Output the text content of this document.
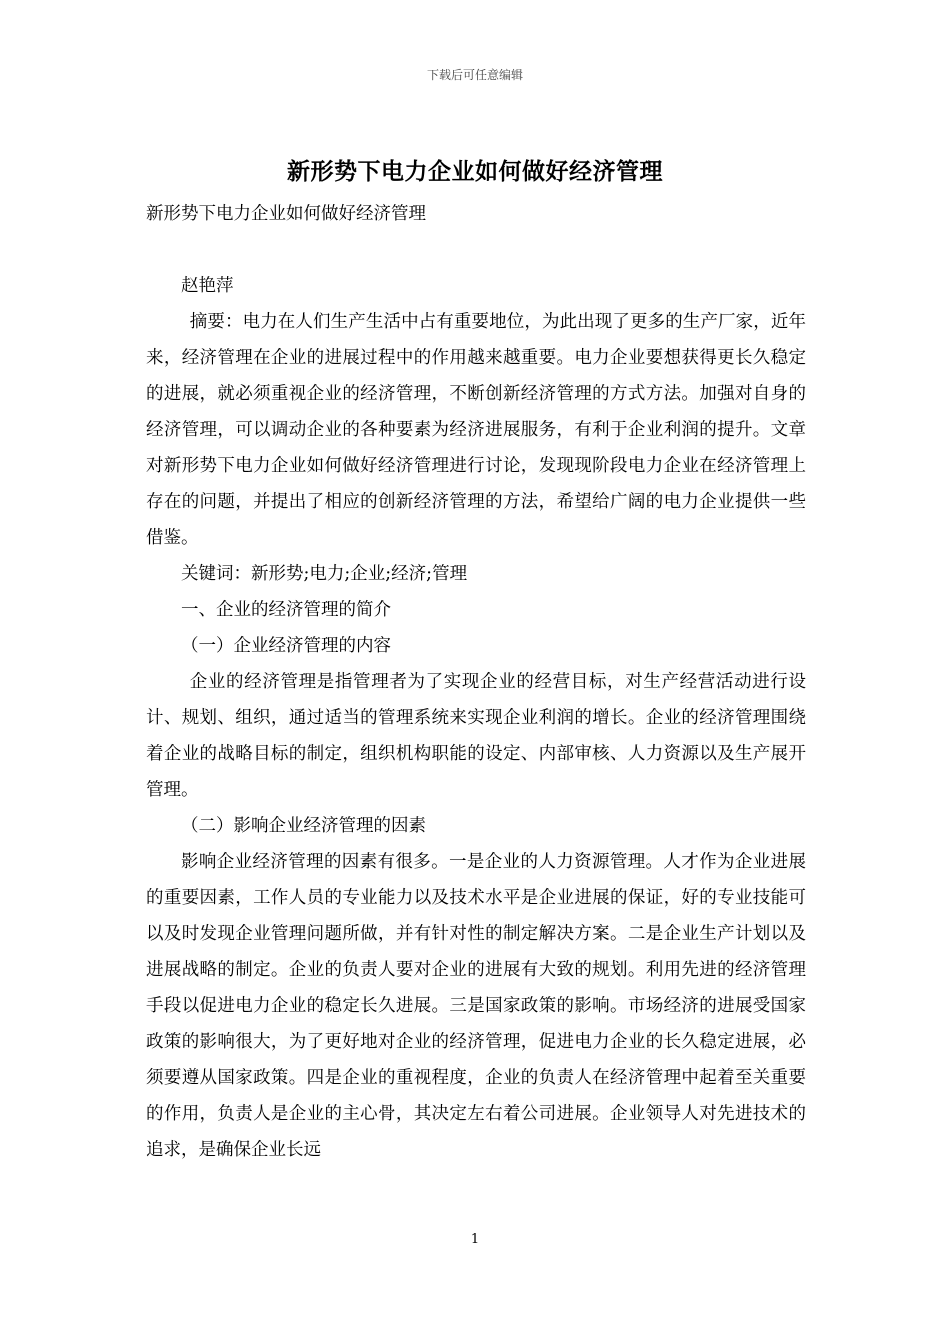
下载后可任意编辑
新形势下电力企业如何做好经济管理

新形势下电力企业如何做好经济管理

赵艳萍

摘要：电力在人们生产生活中占有重要地位，为此出现了更多的生产厂家，近年来，经济管理在企业的进展过程中的作用越来越重要。电力企业要想获得更长久稳定的进展，就必须重视企业的经济管理，不断创新经济管理的方式方法。加强对自身的经济管理，可以调动企业的各种要素为经济进展服务，有利于企业利润的提升。文章对新形势下电力企业如何做好经济管理进行讨论，发现现阶段电力企业在经济管理上存在的问题，并提出了相应的创新经济管理的方法，希望给广阔的电力企业提供一些借鉴。

关键词：新形势;电力;企业;经济;管理

一、企业的经济管理的简介

（一）企业经济管理的内容

企业的经济管理是指管理者为了实现企业的经营目标，对生产经营活动进行设计、规划、组织，通过适当的管理系统来实现企业利润的增长。企业的经济管理围绕着企业的战略目标的制定，组织机构职能的设定、内部审核、人力资源以及生产展开管理。

（二）影响企业经济管理的因素

影响企业经济管理的因素有很多。一是企业的人力资源管理。人才作为企业进展的重要因素，工作人员的专业能力以及技术水平是企业进展的保证，好的专业技能可以及时发现企业管理问题所做，并有针对性的制定解决方案。二是企业生产计划以及进展战略的制定。企业的负责人要对企业的进展有大致的规划。利用先进的经济管理手段以促进电力企业的稳定长久进展。三是国家政策的影响。市场经济的进展受国家政策的影响很大，为了更好地对企业的经济管理，促进电力企业的长久稳定进展，必须要遵从国家政策。四是企业的重视程度，企业的负责人在经济管理中起着至关重要的作用，负责人是企业的主心骨，其决定左右着公司进展。企业领导人对先进技术的追求，是确保企业长远

1
